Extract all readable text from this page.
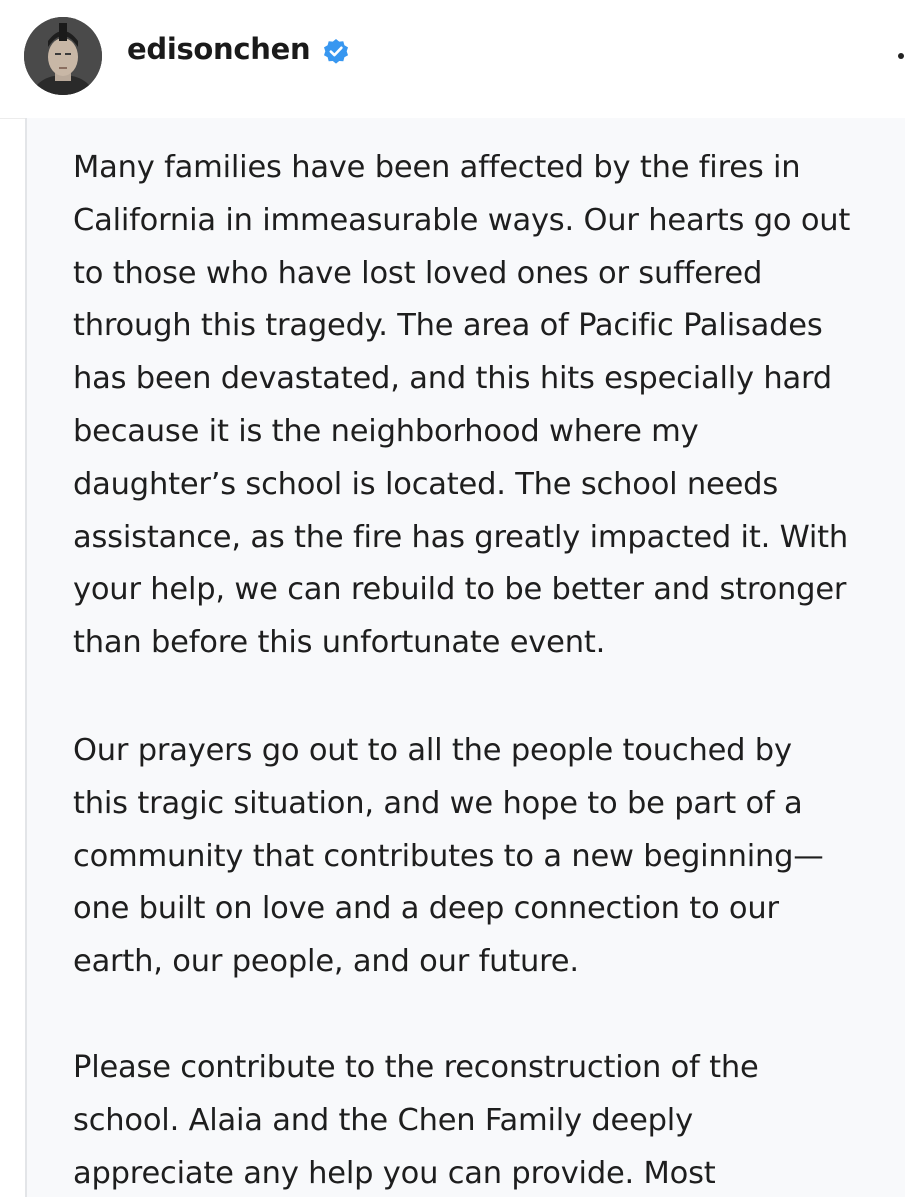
edisonchen

Many families have been affected by the fires in
California in immeasurable ways. Our hearts go out
to those who have lost loved ones or suffered
through this tragedy. The area of Pacific Palisades
has been devastated, and this hits especially hard
because it is the neighborhood where my
daughter’s school is located. The school needs
assistance, as the fire has greatly impacted it. With
your help, we can rebuild to be better and stronger
than before this unfortunate event.

Our prayers go out to all the people touched by
this tragic situation, and we hope to be part of a
community that contributes to a new beginning—
one built on love and a deep connection to our
earth, our people, and our future.

Please contribute to the reconstruction of the
school. Alaia and the Chen Family deeply
appreciate any help you can provide. Most
